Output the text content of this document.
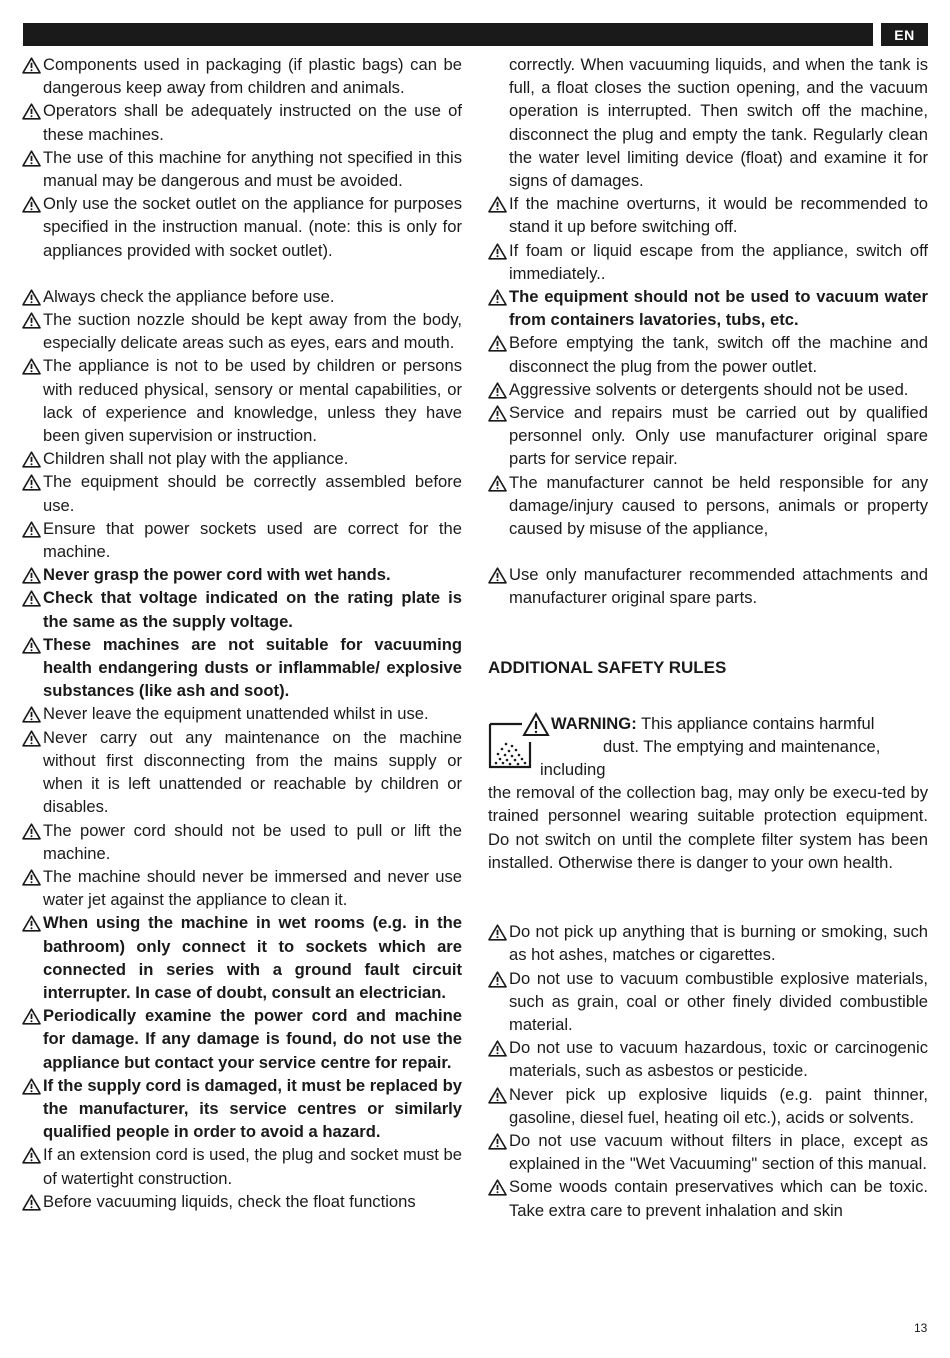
EN
Components used in packaging (if plastic bags) can be dangerous keep away from children and animals.
Operators shall be adequately instructed on the use of these machines.
The use of this machine for anything not specified in this manual may be dangerous and must be avoided.
Only use the socket outlet on the appliance for purposes specified in the instruction manual. (note: this is only for appliances provided with socket outlet).
Always check the appliance before use.
The suction nozzle should be kept away from the body, especially delicate areas such as eyes, ears and mouth.
The appliance is not to be used by children or persons with reduced physical, sensory or mental capabilities, or lack of experience and knowledge, unless they have been given supervision or instruction.
Children shall not play with the appliance.
The equipment should be correctly assembled before use.
Ensure that power sockets used are correct for the machine.
Never grasp the power cord with wet hands.
Check that voltage indicated on the rating plate is the same as the supply voltage.
These machines are not suitable for vacuuming health endangering dusts or inflammable/ explosive substances (like ash and soot).
Never leave the equipment unattended whilst in use.
Never carry out any maintenance on the machine without first disconnecting from the mains supply or when it is left unattended or reachable by children or disables.
The power cord should not be used to pull or lift the machine.
The machine should never be immersed and never use water jet against the appliance to clean it.
When using the machine in wet rooms (e.g. in the bathroom) only connect it to sockets which are connected in series with a ground fault circuit interrupter. In case of doubt, consult an electrician.
Periodically examine the power cord and machine for damage. If any damage is found, do not use the appliance but contact your service centre for repair.
If the supply cord is damaged, it must be replaced by the manufacturer, its service centres or similarly qualified people in order to avoid a hazard.
If an extension cord is used, the plug and socket must be of watertight construction.
Before vacuuming liquids, check the float functions
correctly. When vacuuming liquids, and when the tank is full, a float closes the suction opening, and the vacuum operation is interrupted. Then switch off the machine, disconnect the plug and empty the tank. Regularly clean the water level limiting device (float) and examine it for signs of damages.
If the machine overturns, it would be recommended to stand it up before switching off.
If foam or liquid escape from the appliance, switch off immediately..
The equipment should not be used to vacuum water from containers lavatories, tubs, etc.
Before emptying the tank, switch off the machine and disconnect the plug from the power outlet.
Aggressive solvents or detergents should not be used.
Service and repairs must be carried out by qualified personnel only. Only use manufacturer original spare parts for service repair.
The manufacturer cannot be held responsible for any damage/injury caused to persons, animals or property caused by misuse of the appliance,
Use only manufacturer recommended attachments and manufacturer original spare parts.
ADDITIONAL SAFETY RULES
WARNING: This appliance contains harmful
dust. The emptying and maintenance,
including
the removal of the collection bag, may only be execu-ted by trained personnel wearing suitable protection equipment. Do not switch on until the complete filter system has been installed. Otherwise there is danger to your own health.
Do not pick up anything that is burning or smoking, such as hot ashes, matches or cigarettes.
Do not use to vacuum combustible explosive materials, such as grain, coal or other finely divided combustible material.
Do not use to vacuum hazardous, toxic or carcinogenic materials, such as asbestos or pesticide.
Never pick up explosive liquids (e.g. paint thinner, gasoline, diesel fuel, heating oil etc.), acids or solvents.
Do not use vacuum without filters in place, except as explained in the "Wet Vacuuming" section of this manual.
Some woods contain preservatives which can be toxic. Take extra care to prevent inhalation and skin
13
